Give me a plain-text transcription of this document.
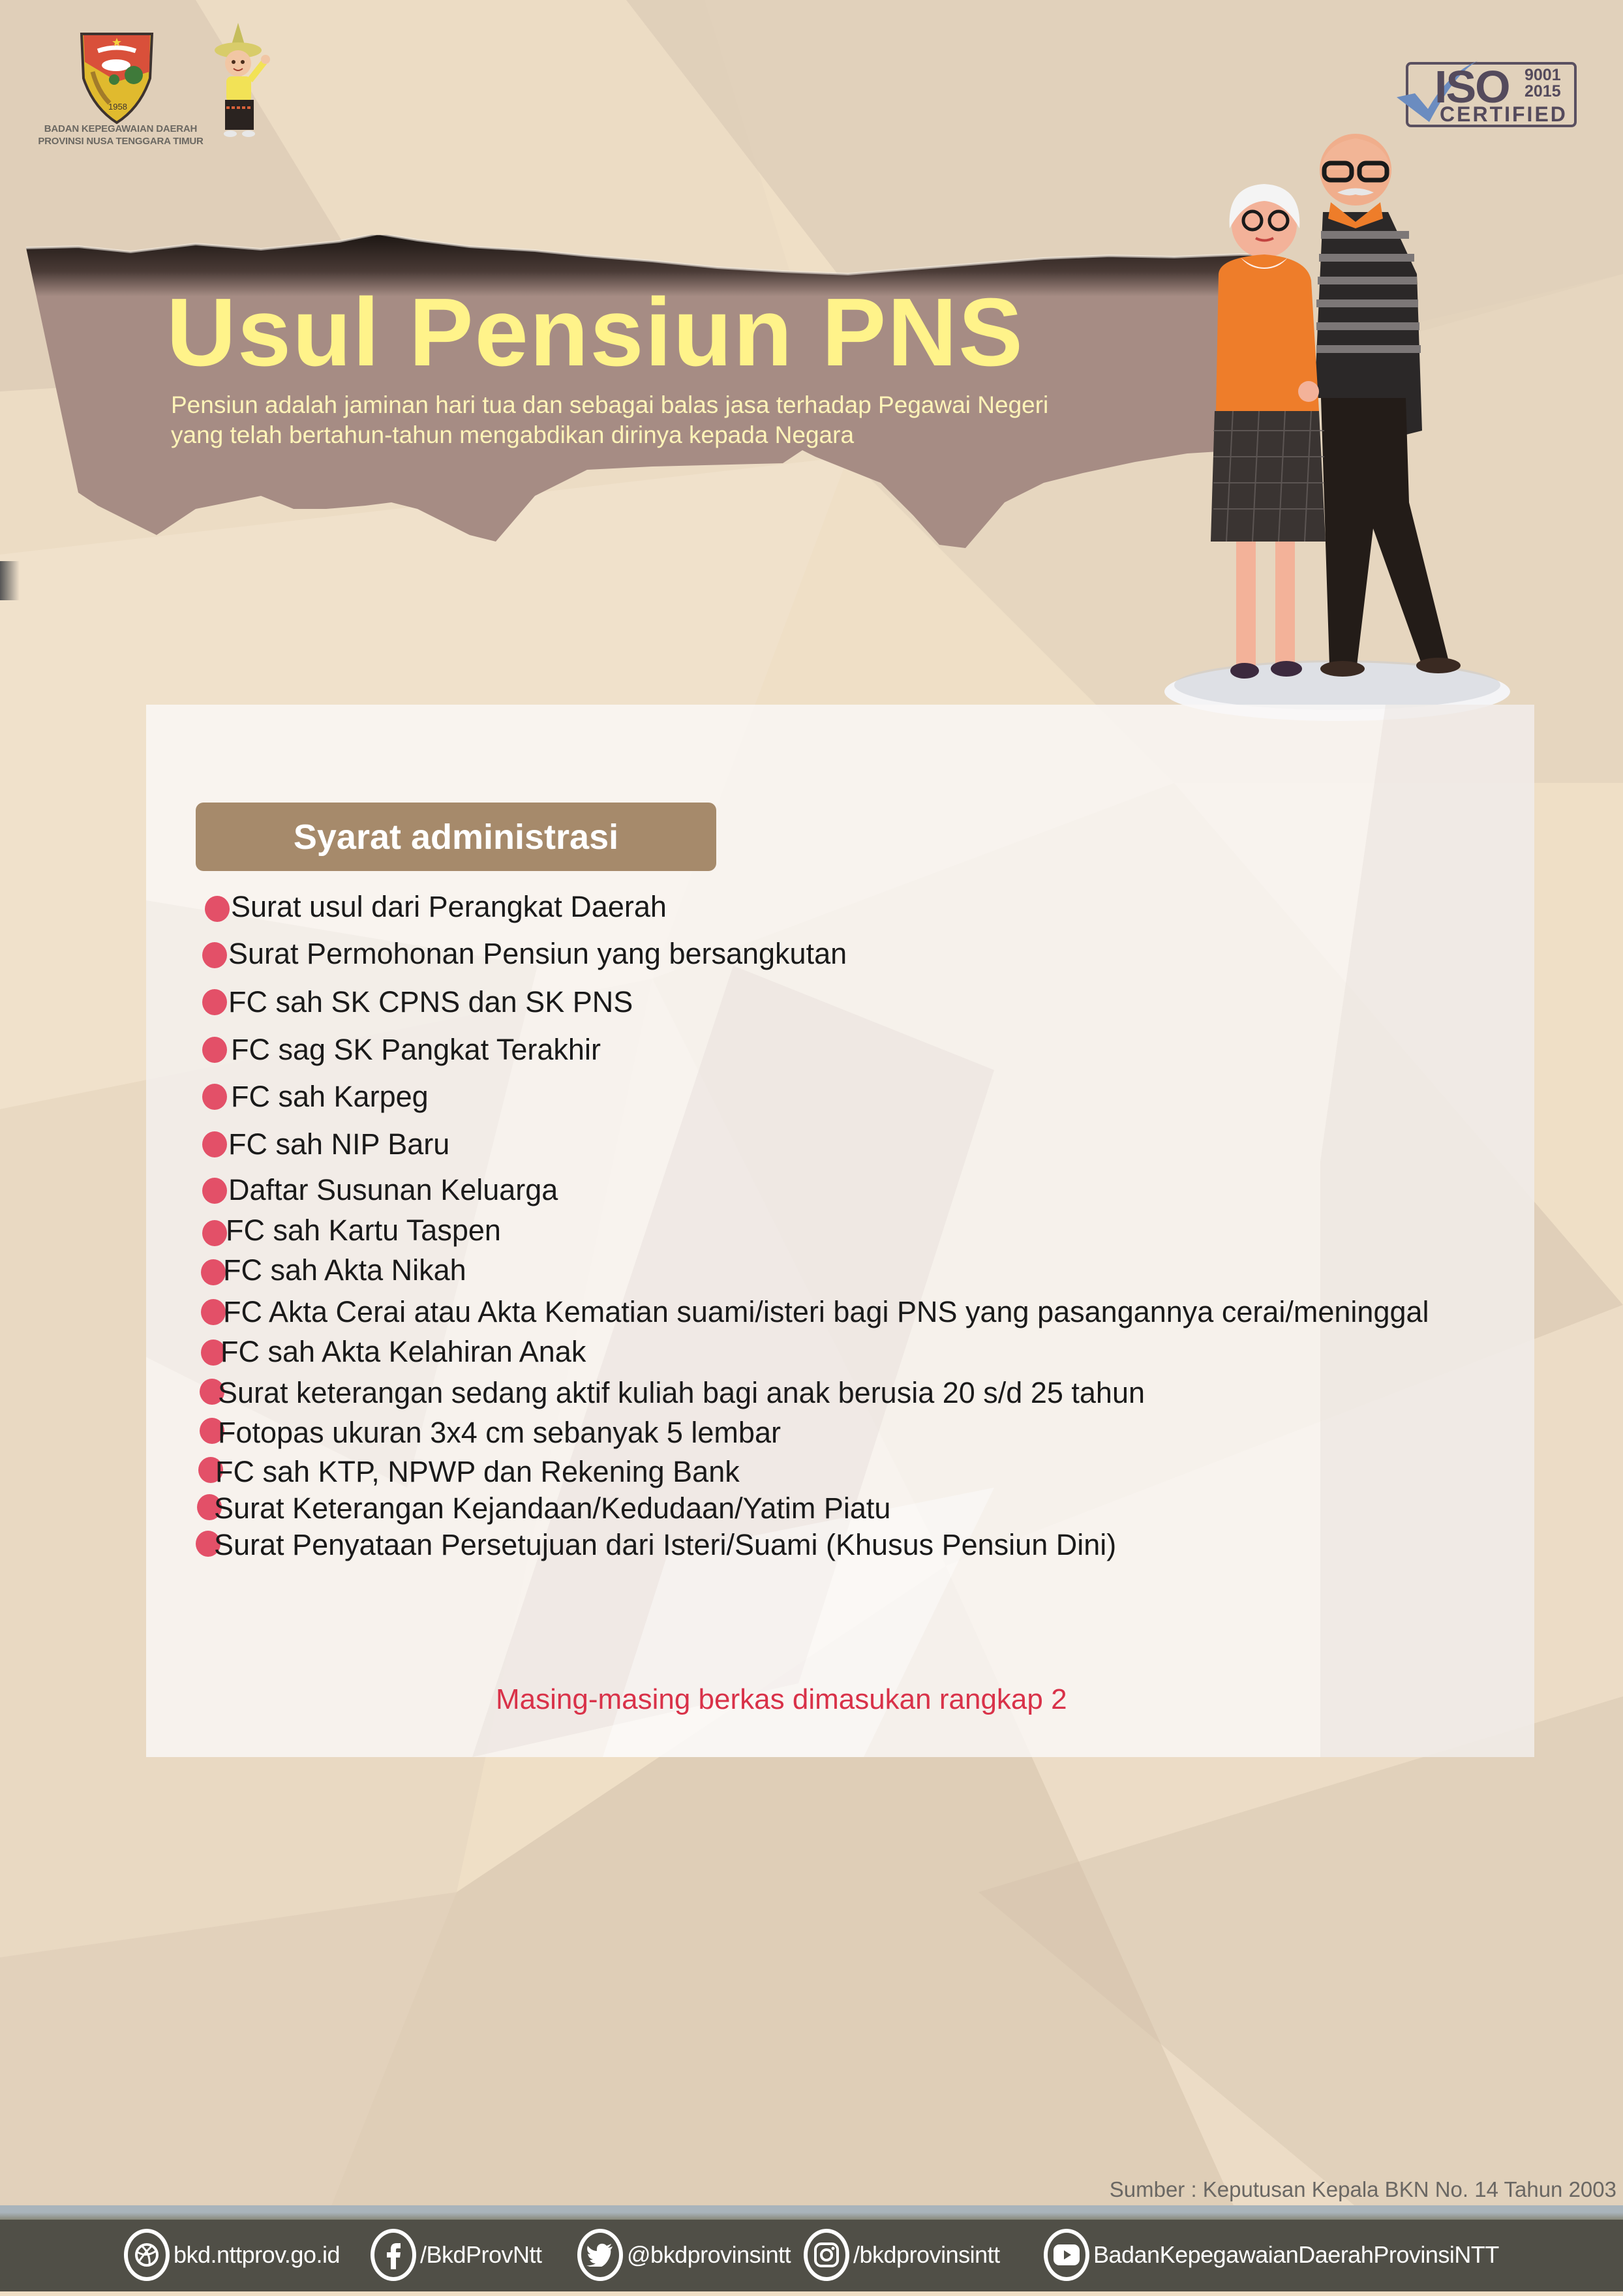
1958
BADAN KEPEGAWAIAN DAERAH
PROVINSI NUSA TENGGARA TIMUR
ISO 9001
2015
CERTIFIED
Usul Pensiun PNS
Pensiun adalah jaminan hari tua dan sebagai balas jasa terhadap Pegawai Negeri
yang telah bertahun-tahun mengabdikan dirinya kepada Negara
Syarat administrasi
Surat usul dari Perangkat Daerah
Surat Permohonan Pensiun yang bersangkutan
FC sah SK CPNS dan SK PNS
FC sag SK Pangkat Terakhir
FC sah Karpeg
FC sah NIP Baru
Daftar Susunan Keluarga
FC sah Kartu Taspen
FC sah Akta Nikah
FC Akta Cerai atau Akta Kematian suami/isteri bagi PNS yang pasangannya cerai/meninggal
FC sah Akta Kelahiran Anak
Surat keterangan sedang aktif kuliah bagi anak berusia 20 s/d 25 tahun
Fotopas ukuran 3x4 cm sebanyak 5 lembar
FC sah KTP, NPWP dan Rekening Bank
Surat Keterangan Kejandaan/Kedudaan/Yatim Piatu
Surat Penyataan Persetujuan dari Isteri/Suami (Khusus Pensiun Dini)
Masing-masing berkas dimasukan rangkap 2
Sumber : Keputusan Kepala BKN No. 14 Tahun 2003
bkd.nttprov.go.id	/BkdProvNtt	@bkdprovinsintt	/bkdprovinsintt	BadanKepegawaianDaerahProvinsiNTT
